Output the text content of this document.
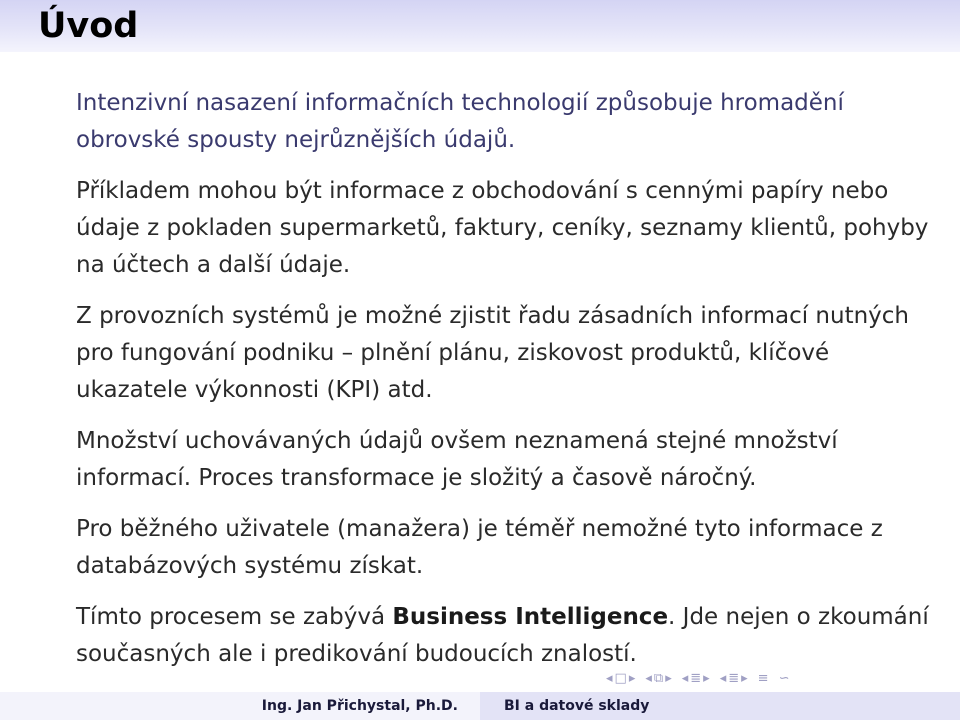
Úvod

Intenzivní nasazení informačních technologií způsobuje hromadění obrovské spousty nejrůznějších údajů.

Příkladem mohou být informace z obchodování s cennými papíry nebo údaje z pokladen supermarketů, faktury, ceníky, seznamy klientů, pohyby na účtech a další údaje.

Z provozních systémů je možné zjistit řadu zásadních informací nutných pro fungování podniku – plnění plánu, ziskovost produktů, klíčové ukazatele výkonnosti (KPI) atd.

Množství uchovávaných údajů ovšem neznamená stejné množství informací. Proces transformace je složitý a časově náročný.

Pro běžného uživatele (manažera) je téměř nemožné tyto informace z databázových systému získat.

Tímto procesem se zabývá Business Intelligence. Jde nejen o zkoumání současných ale i predikování budoucích znalostí.

◂ □ ▸ ◂ ⧉ ▸ ◂ ≣ ▸ ◂ ≣ ▸ ≡ ∽
Ing. Jan Přichystal, Ph.D.	BI a datové sklady
